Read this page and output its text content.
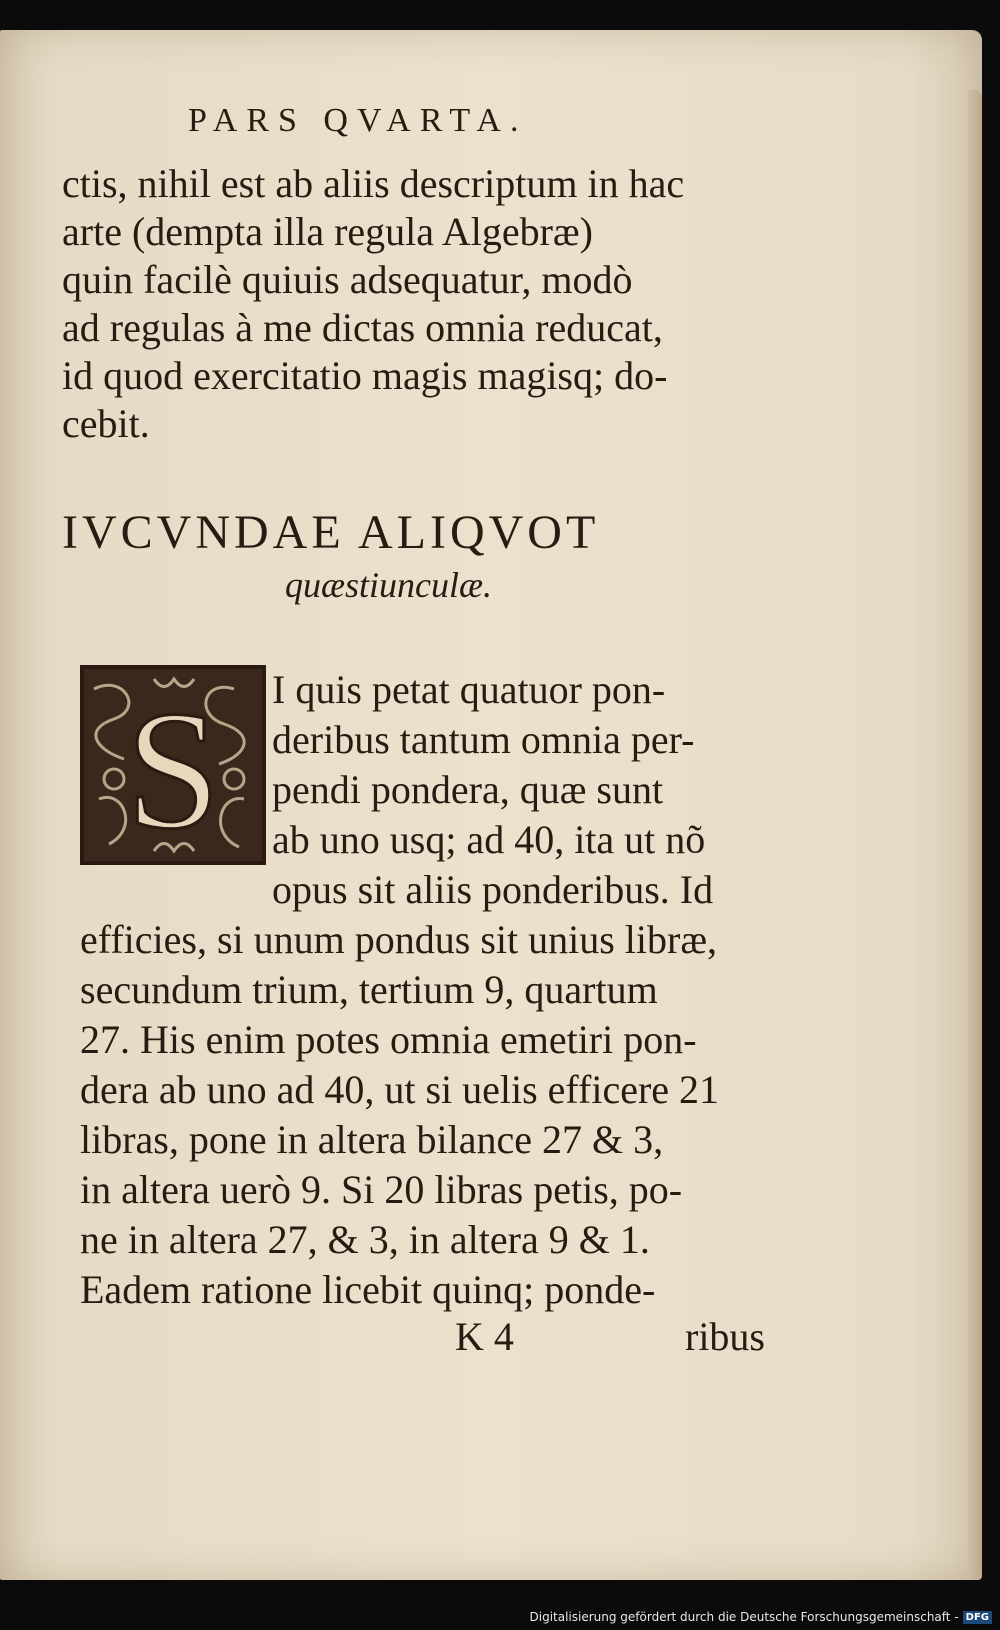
PARS QVARTA.
ctis, nihil est ab aliis descriptum in hac
arte (dempta illa regula Algebræ)
quin facilè quiuis adsequatur, modò
ad regulas à me dictas omnia reducat,
id quod exercitatio magis magisq; do-
cebit.
IVCVNDAE ALIQVOT
quæstiunculæ.
S I quis petat quatuor pon-
deribus tantum omnia per-
pendi pondera, quæ sunt
ab uno usq; ad 40, ita ut nõ
opus sit aliis ponderibus. Id
efficies, si unum pondus sit unius libræ,
secundum trium, tertium 9, quartum
27. His enim potes omnia emetiri pon-
dera ab uno ad 40, ut si uelis efficere 21
libras, pone in altera bilance 27 & 3,
in altera uerò 9. Si 20 libras petis, po-
ne in altera 27, & 3, in altera 9 & 1.
Eadem ratione licebit quinq; ponde-
K 4	ribus
Digitalisierung gefördert durch die Deutsche Forschungsgemeinschaft - DFG
